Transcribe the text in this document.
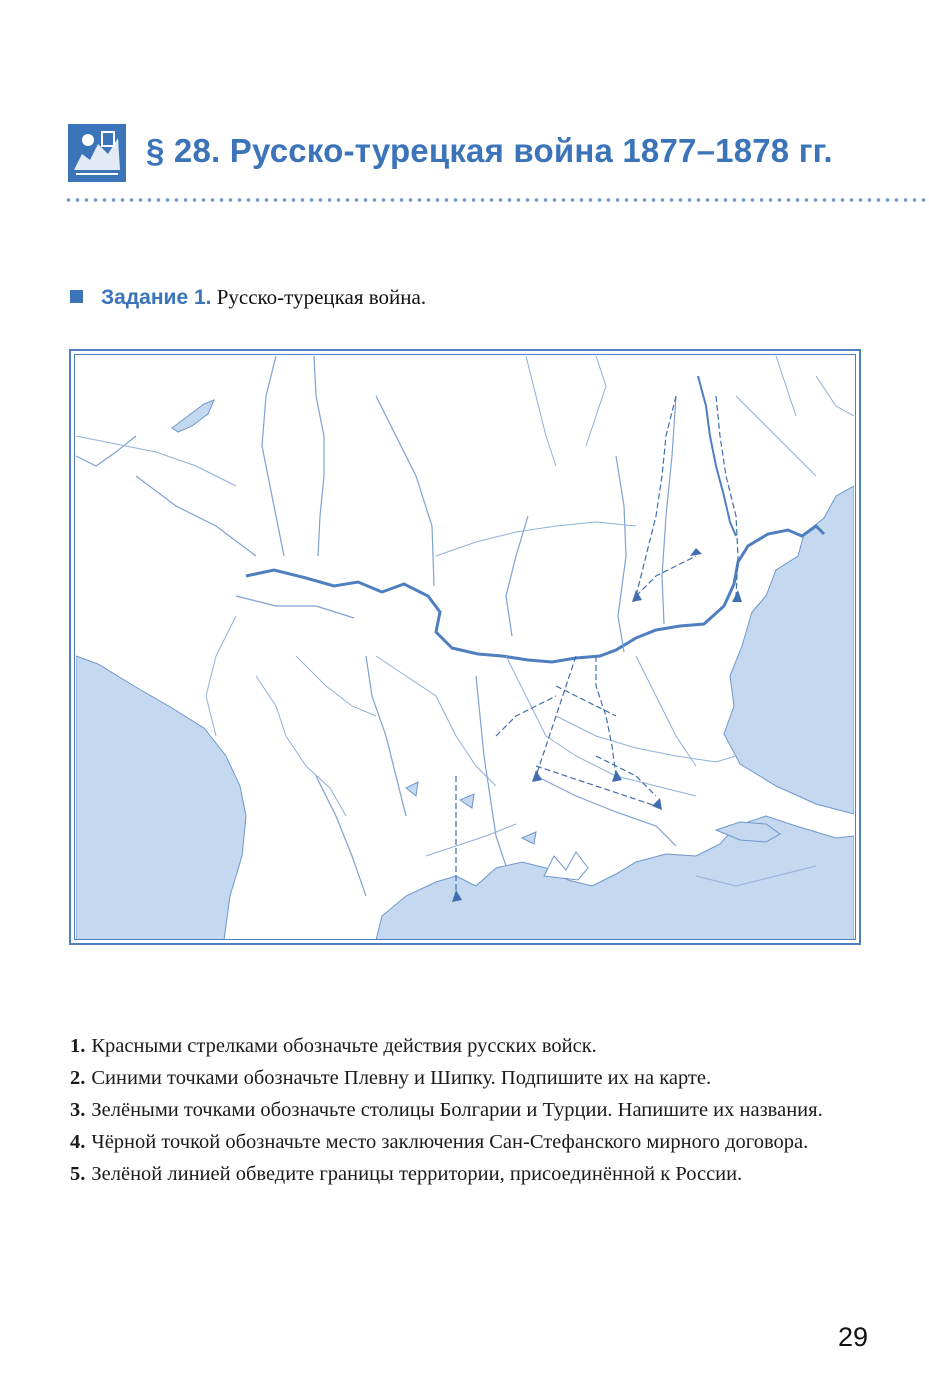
§ 28. Русско-турецкая война 1877–1878 гг.
Задание 1. Русско-турецкая война.

1. Красными стрелками обозначьте действия русских войск.

2. Синими точками обозначьте Плевну и Шипку. Подпишите их на карте.

3. Зелёными точками обозначьте столицы Болгарии и Турции. Напишите их названия.

4. Чёрной точкой обозначьте место заключения Сан-Стефанского мирного договора.

5. Зелёной линией обведите границы территории, присоединённой к России.

29
